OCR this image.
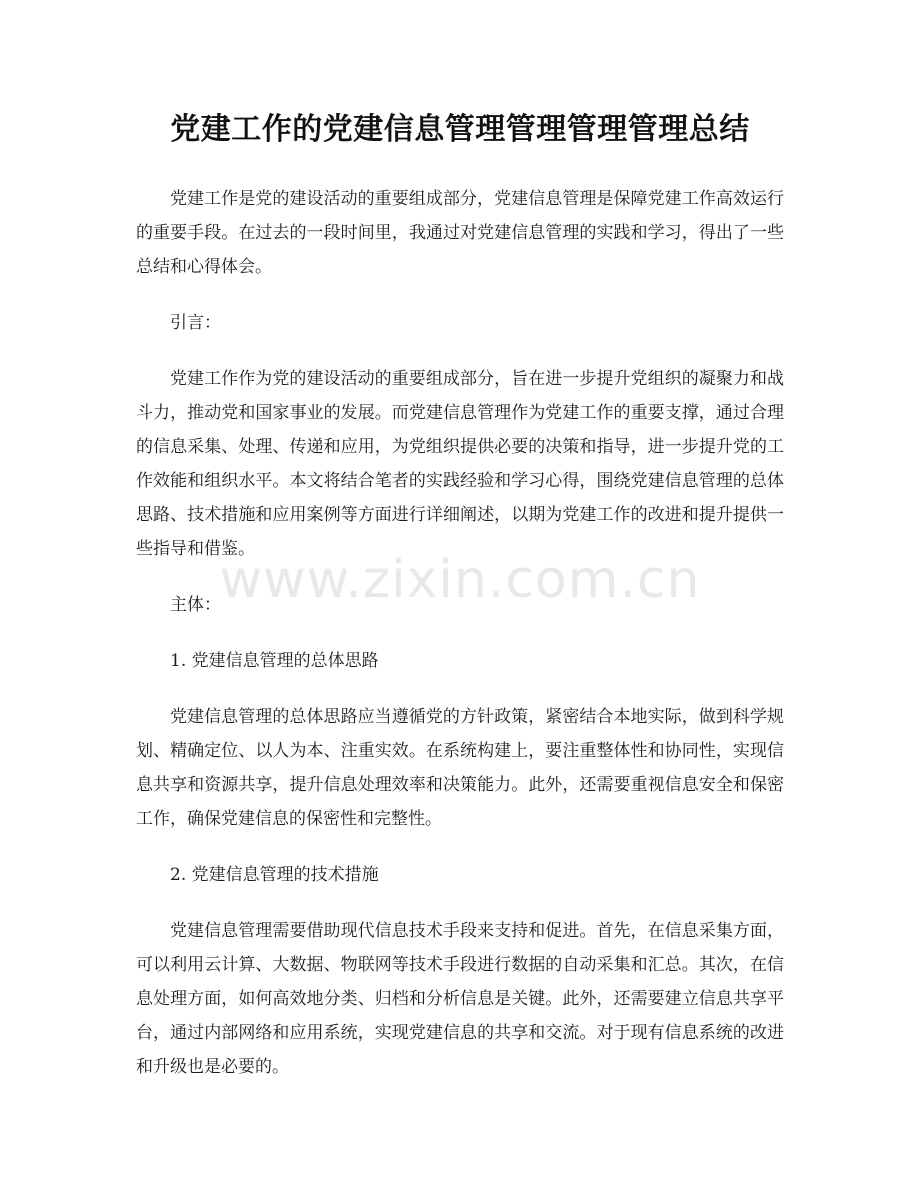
党建工作的党建信息管理管理管理管理总结

党建工作是党的建设活动的重要组成部分，党建信息管理是保障党建工作高效运行的重要手段。在过去的一段时间里，我通过对党建信息管理的实践和学习，得出了一些总结和心得体会。

引言：

党建工作作为党的建设活动的重要组成部分，旨在进一步提升党组织的凝聚力和战斗力，推动党和国家事业的发展。而党建信息管理作为党建工作的重要支撑，通过合理的信息采集、处理、传递和应用，为党组织提供必要的决策和指导，进一步提升党的工作效能和组织水平。本文将结合笔者的实践经验和学习心得，围绕党建信息管理的总体思路、技术措施和应用案例等方面进行详细阐述，以期为党建工作的改进和提升提供一些指导和借鉴。

主体：

1. 党建信息管理的总体思路

党建信息管理的总体思路应当遵循党的方针政策，紧密结合本地实际，做到科学规划、精确定位、以人为本、注重实效。在系统构建上，要注重整体性和协同性，实现信息共享和资源共享，提升信息处理效率和决策能力。此外，还需要重视信息安全和保密工作，确保党建信息的保密性和完整性。

2. 党建信息管理的技术措施

党建信息管理需要借助现代信息技术手段来支持和促进。首先，在信息采集方面，可以利用云计算、大数据、物联网等技术手段进行数据的自动采集和汇总。其次，在信息处理方面，如何高效地分类、归档和分析信息是关键。此外，还需要建立信息共享平台，通过内部网络和应用系统，实现党建信息的共享和交流。对于现有信息系统的改进和升级也是必要的。

www.zixin.com.cn
